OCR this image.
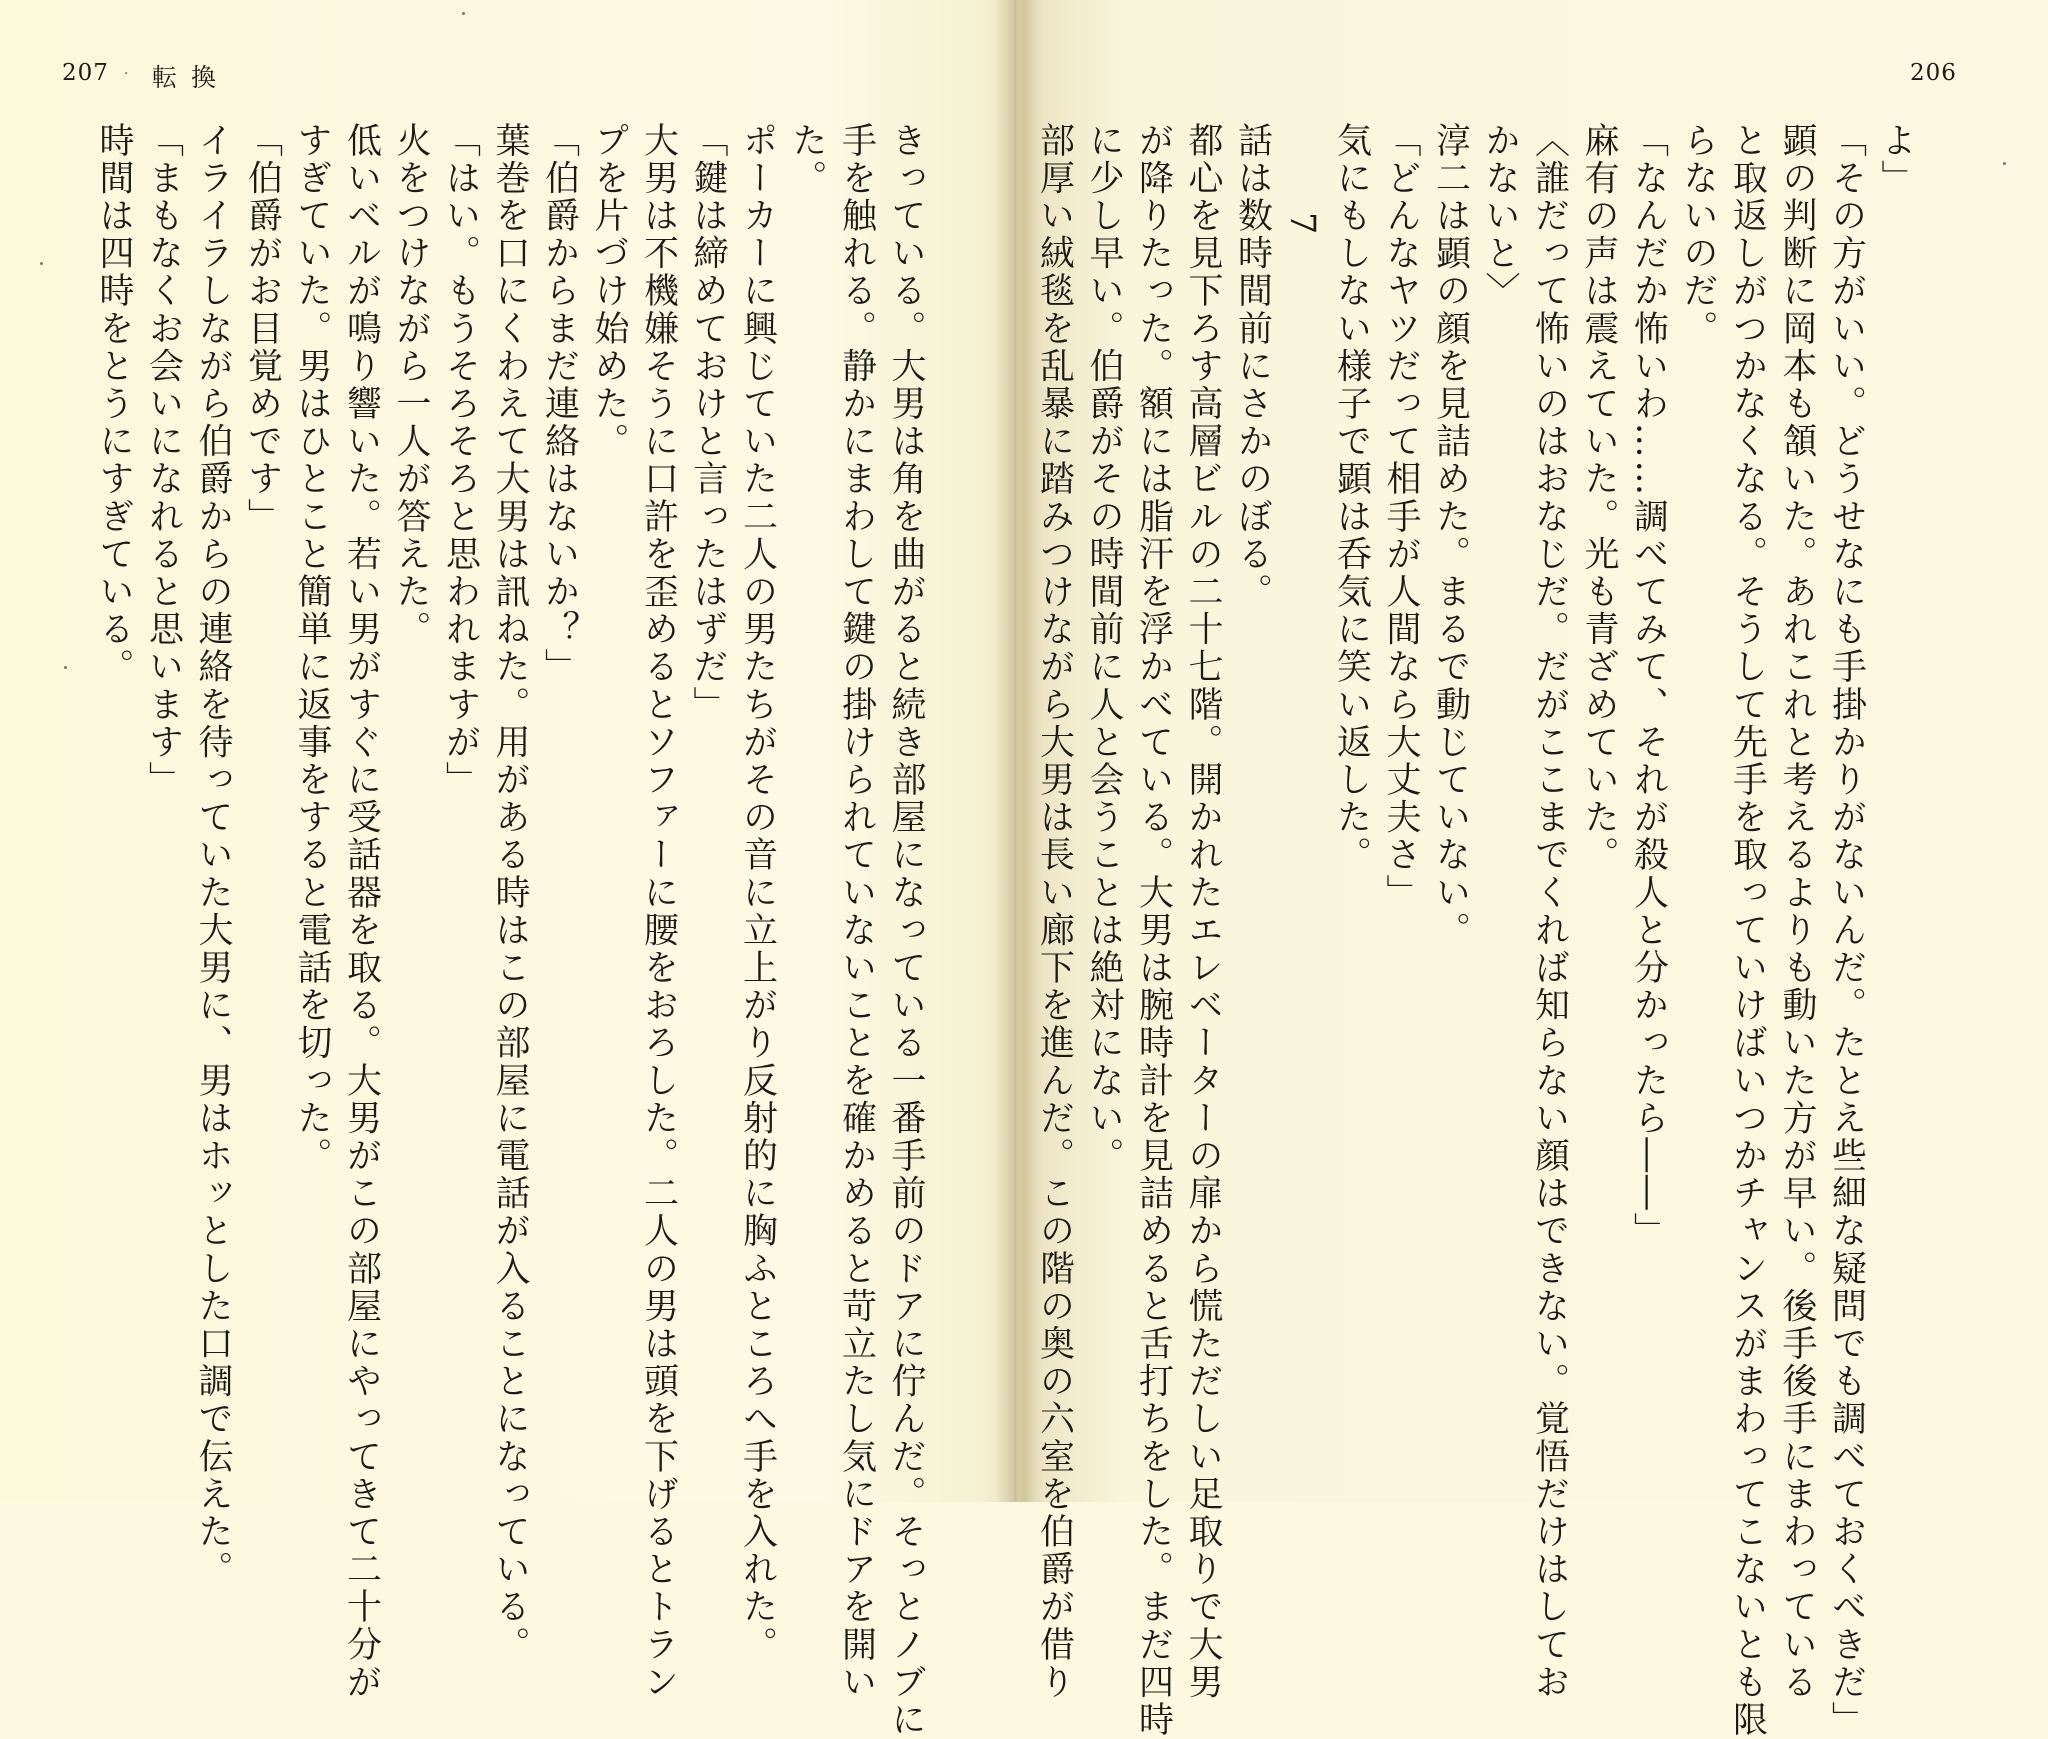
207 · 転換
きっている。大男は角を曲がると続き部屋になっている一番手前のドアに佇んだ。そっとノブに
手を触れる。静かにまわして鍵の掛けられていないことを確かめると苛立たし気にドアを開い
た。
ポーカーに興じていた二人の男たちがその音に立上がり反射的に胸ふところへ手を入れた。
「鍵は締めておけと言ったはずだ」
大男は不機嫌そうに口許を歪めるとソファーに腰をおろした。二人の男は頭を下げるとトラン
プを片づけ始めた。
「伯爵からまだ連絡はないか？」
葉巻を口にくわえて大男は訊ねた。用がある時はこの部屋に電話が入ることになっている。
「はい。もうそろそろと思われますが」
火をつけながら一人が答えた。
低いベルが鳴り響いた。若い男がすぐに受話器を取る。大男がこの部屋にやってきて二十分が
すぎていた。男はひとこと簡単に返事をすると電話を切った。
「伯爵がお目覚めです」
イライラしながら伯爵からの連絡を待っていた大男に、男はホッとした口調で伝えた。
「まもなくお会いになれると思います」
時間は四時をとうにすぎている。
206
よ」
「その方がいい。どうせなにも手掛かりがないんだ。たとえ些細な疑問でも調べておくべきだ」
顕の判断に岡本も頷いた。あれこれと考えるよりも動いた方が早い。後手後手にまわっている
と取返しがつかなくなる。そうして先手を取っていけばいつかチャンスがまわってこないとも限
らないのだ。
「なんだか怖いわ……調べてみて、それが殺人と分かったら――」
麻有の声は震えていた。光も青ざめていた。
〈誰だって怖いのはおなじだ。だがここまでくれば知らない顔はできない。覚悟だけはしてお
かないと〉
淳二は顕の顔を見詰めた。まるで動じていない。
「どんなヤツだって相手が人間なら大丈夫さ」
気にもしない様子で顕は呑気に笑い返した。
7
話は数時間前にさかのぼる。
都心を見下ろす高層ビルの二十七階。開かれたエレベーターの扉から慌ただしい足取りで大男
が降りたった。額には脂汗を浮かべている。大男は腕時計を見詰めると舌打ちをした。まだ四時
に少し早い。伯爵がその時間前に人と会うことは絶対にない。
部厚い絨毯を乱暴に踏みつけながら大男は長い廊下を進んだ。この階の奥の六室を伯爵が借り
